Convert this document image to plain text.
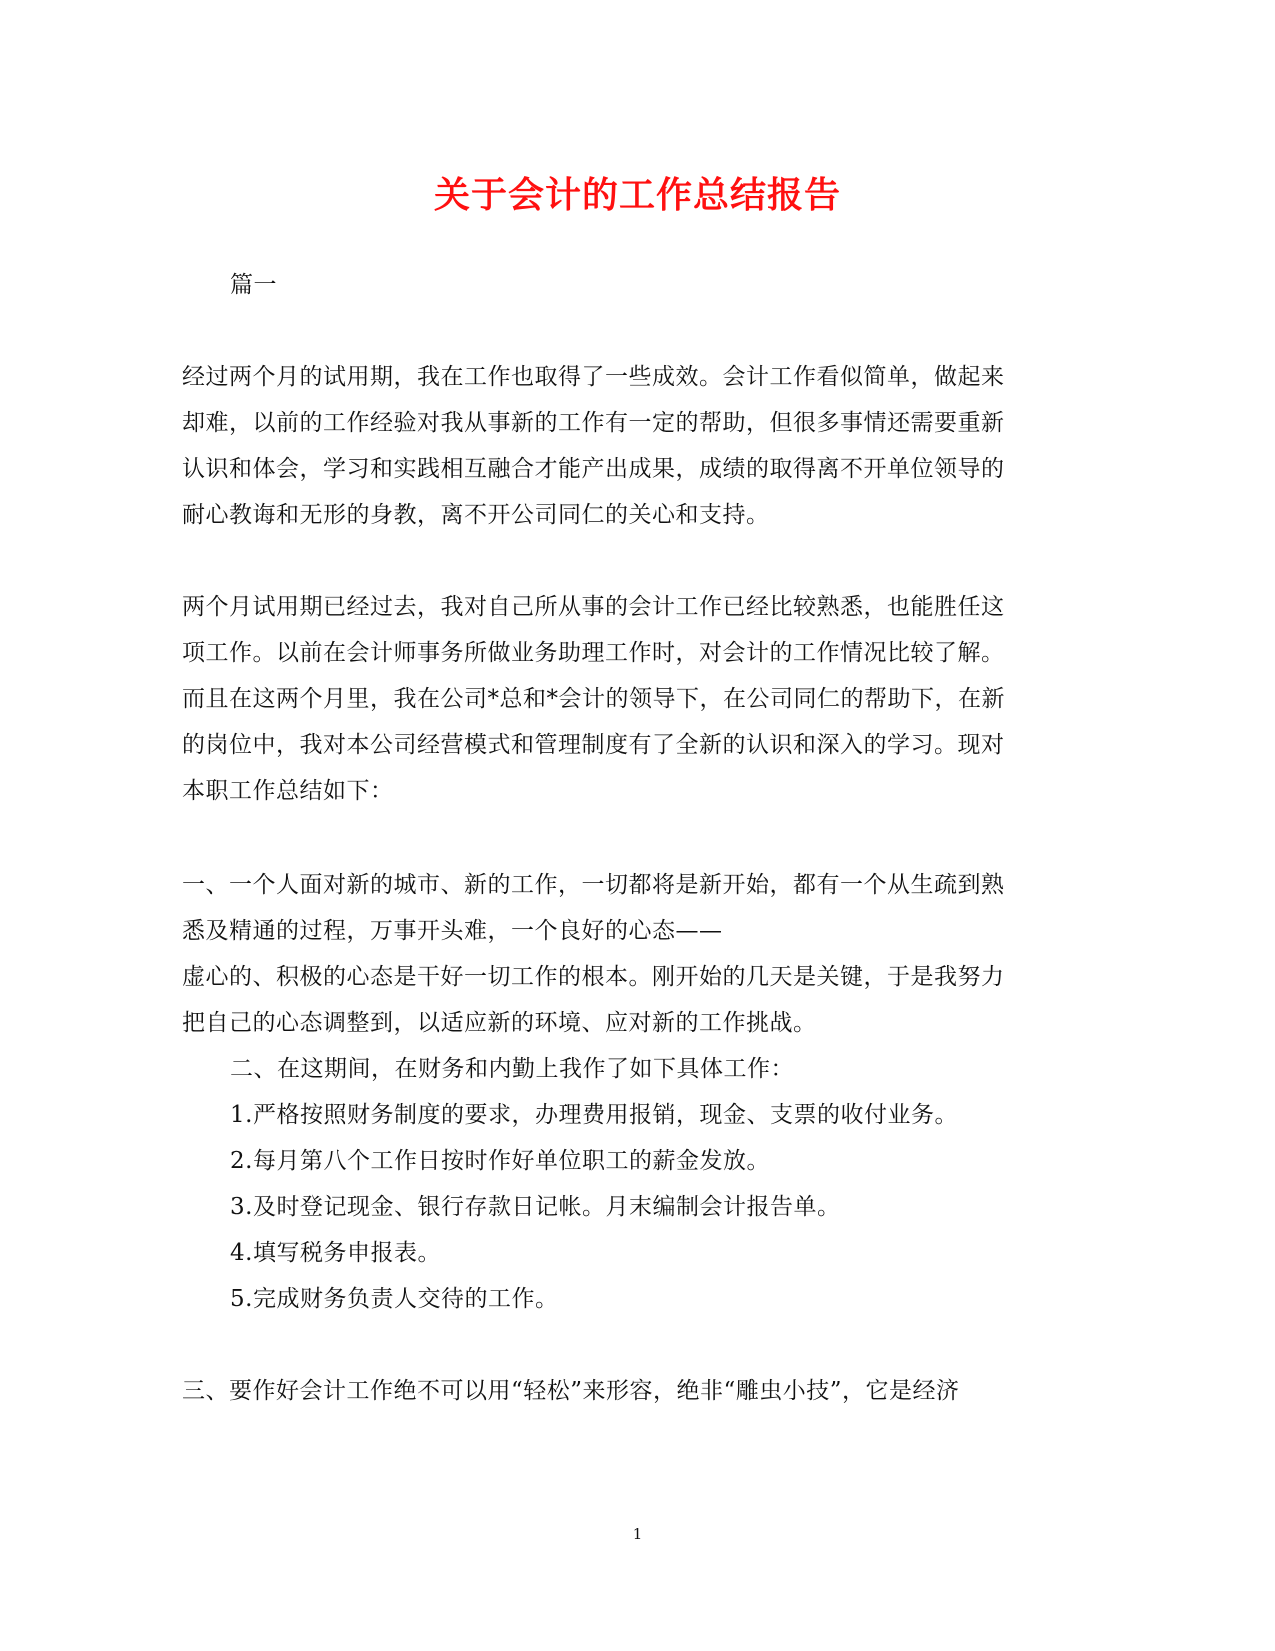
关于会计的工作总结报告
篇一
经过两个月的试用期，我在工作也取得了一些成效。会计工作看似简单，做起来
却难，以前的工作经验对我从事新的工作有一定的帮助，但很多事情还需要重新
认识和体会，学习和实践相互融合才能产出成果，成绩的取得离不开单位领导的
耐心教诲和无形的身教，离不开公司同仁的关心和支持。
两个月试用期已经过去，我对自己所从事的会计工作已经比较熟悉，也能胜任这
项工作。以前在会计师事务所做业务助理工作时，对会计的工作情况比较了解。
而且在这两个月里，我在公司*总和*会计的领导下，在公司同仁的帮助下，在新
的岗位中，我对本公司经营模式和管理制度有了全新的认识和深入的学习。现对
本职工作总结如下：
一、一个人面对新的城市、新的工作，一切都将是新开始，都有一个从生疏到熟
悉及精通的过程，万事开头难，一个良好的心态——
虚心的、积极的心态是干好一切工作的根本。刚开始的几天是关键，于是我努力
把自己的心态调整到，以适应新的环境、应对新的工作挑战。
二、在这期间，在财务和内勤上我作了如下具体工作：
1.严格按照财务制度的要求，办理费用报销，现金、支票的收付业务。
2.每月第八个工作日按时作好单位职工的薪金发放。
3.及时登记现金、银行存款日记帐。月末编制会计报告单。
4.填写税务申报表。
5.完成财务负责人交待的工作。
三、要作好会计工作绝不可以用“轻松”来形容，绝非“雕虫小技”，它是经济
1
